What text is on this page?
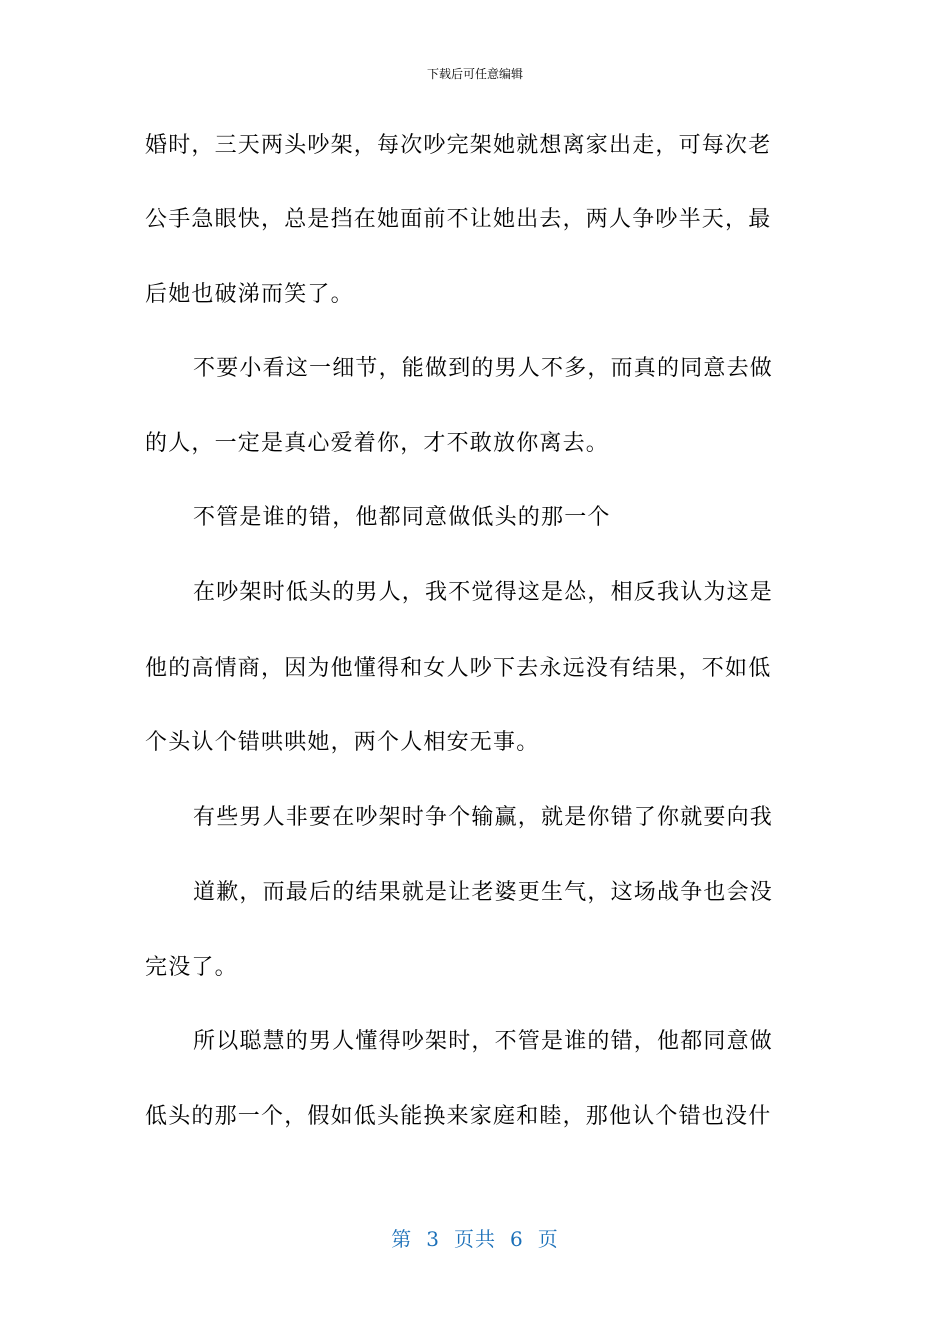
下载后可任意编辑
婚时，三天两头吵架，每次吵完架她就想离家出走，可每次老
公手急眼快，总是挡在她面前不让她出去，两人争吵半天，最
后她也破涕而笑了。
不要小看这一细节，能做到的男人不多，而真的同意去做
的人，一定是真心爱着你，才不敢放你离去。
不管是谁的错，他都同意做低头的那一个
在吵架时低头的男人，我不觉得这是怂，相反我认为这是
他的高情商，因为他懂得和女人吵下去永远没有结果，不如低
个头认个错哄哄她，两个人相安无事。
有些男人非要在吵架时争个输赢，就是你错了你就要向我
道歉，而最后的结果就是让老婆更生气，这场战争也会没
完没了。
所以聪慧的男人懂得吵架时，不管是谁的错，他都同意做
低头的那一个，假如低头能换来家庭和睦，那他认个错也没什
第 3 页共 6 页
